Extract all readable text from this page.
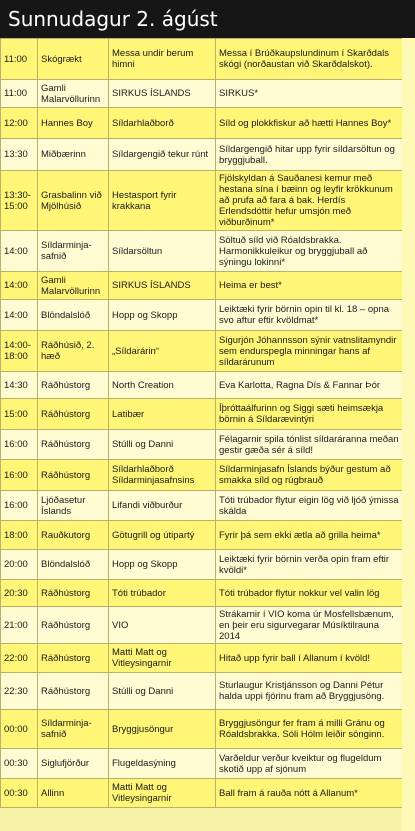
Sunnudagur 2. ágúst
11:00	Skógrækt	Messa undir berum himni	Messa í Brúðkaupslundinum í Skarðdals skógi (norðaustan við Skarðdalskot).
11:00	Gamli Malarvöllurinn	SIRKUS ÍSLANDS	SIRKUS*
12:00	Hannes Boy	Síldarhlaðborð	Síld og plokkfiskur að hætti Hannes Boy*
13:30	Miðbærinn	Síldargengið tekur rúnt	Síldargengið hitar upp fyrir síldarsöltun og bryggjuball.
13:30-15:00	Grasbalinn við Mjölhúsið	Hestasport fyrir krakkana	Fjölskyldan á Sauðanesi kemur með hestana sína í bæinn og leyfir krökkunum að prufa að fara á bak. Herdís Erlendsdóttir hefur umsjón með viðburðinum*
14:00	Síldarminja-safnið	Síldarsöltun	Söltuð síld við Róaldsbrakka. Harmonikkuleikur og bryggjuball að sýningu lokinni*
14:00	Gamli Malarvöllurinn	SIRKUS ÍSLANDS	Heima er best*
14:00	Blöndalslóð	Hopp og Skopp	Leiktæki fyrir börnin opin til kl. 18 – opna svo aftur eftir kvöldmat*
14:00-18:00	Ráðhúsið, 2. hæð	„Síldarárin“	Sigurjón Jóhannsson sýnir vatnslitamyndir sem endurspegla minningar hans af síldarárunum
14:30	Ráðhústorg	North Creation	Eva Karlotta, Ragna Dís & Fannar Þór
15:00	Ráðhústorg	Latibær	Íþróttaálfurinn og Siggi sæti heimsækja börnin á Síldarævintýri
16:00	Ráðhústorg	Stúlli og Danni	Félagarnir spila tónlist síldaráranna meðan gestir gæða sér á síld!
16:00	Ráðhústorg	Síldarhlaðborð Síldarminjasafnsins	Síldarminjasafn Íslands býður gestum að smakka síld og rúgbrauð
16:00	Ljóðasetur Íslands	Lifandi viðburður	Tóti trúbador flytur eigin lög við ljóð ýmissa skálda
18:00	Rauðkutorg	Götugrill og útipartý	Fyrir þá sem ekki ætla að grilla heima*
20:00	Blöndalslóð	Hopp og Skopp	Leiktæki fyrir börnin verða opin fram eftir kvöldi*
20:30	Ráðhústorg	Tóti trúbador	Tóti trúbador flytur nokkur vel valin lög
21:00	Ráðhústorg	VIO	Strákarnir í VIO koma úr Mosfellsbænum, en þeir eru sigurvegarar Músíktilrauna 2014
22:00	Ráðhústorg	Matti Matt og Vitleysingarnir	Hitað upp fyrir ball í Allanum í kvöld!
22:30	Ráðhústorg	Stúlli og Danni	Sturlaugur Kristjánsson og Danni Pétur halda uppi fjörinu fram að Bryggjusöng.
00:00	Síldarminja-safnið	Bryggjusöngur	Bryggjusöngur fer fram á milli Gránu og Róaldsbrakka. Sóli Hólm leiðir sönginn.
00:30	Siglufjörður	Flugeldasýning	Varðeldur verður kveiktur og flugeldum skotið upp af sjónum
00:30	Allinn	Matti Matt og Vitleysingarnir	Ball fram á rauða nótt á Allanum*
